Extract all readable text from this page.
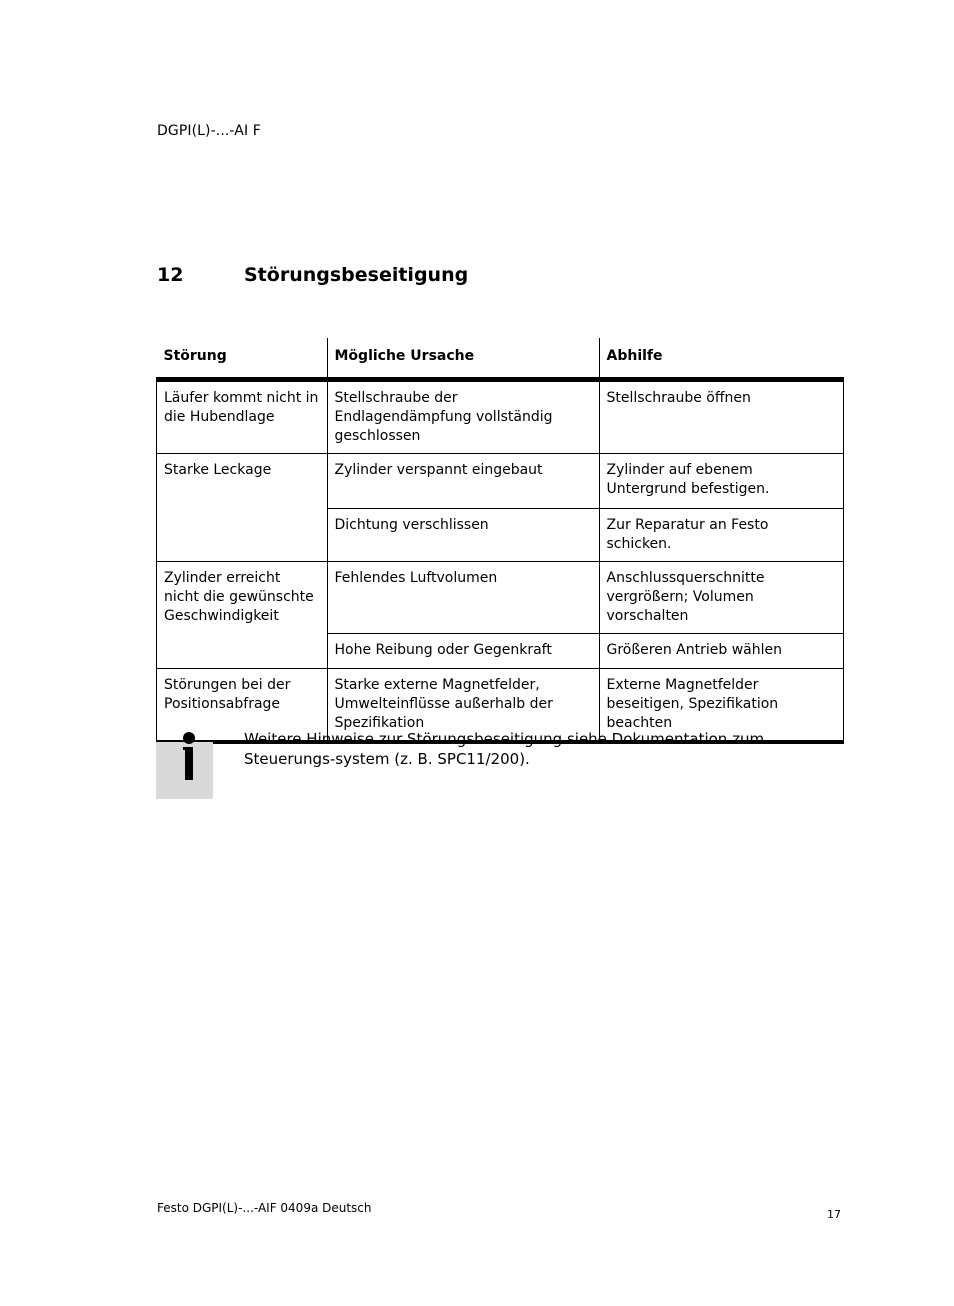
DGPI(L)-...-AI F
12	Störungsbeseitigung
Störung	Mögliche Ursache	Abhilfe
Läufer kommt nicht in die Hubendlage	Stellschraube der Endlagendämpfung vollständig geschlossen	Stellschraube öffnen
Starke Leckage	Zylinder verspannt eingebaut	Zylinder auf ebenem Untergrund befestigen.
	Dichtung verschlissen	Zur Reparatur an Festo schicken.
Zylinder erreicht nicht die gewünschte Geschwindigkeit	Fehlendes Luftvolumen	Anschlussquerschnitte vergrößern; Volumen vorschalten
	Hohe Reibung oder Gegenkraft	Größeren Antrieb wählen
Störungen bei der Positionsabfrage	Starke externe Magnetfelder, Umwelteinflüsse außerhalb der Spezifikation	Externe Magnetfelder beseitigen, Spezifikation beachten
Weitere Hinweise zur Störungsbeseitigung siehe Dokumentation zum Steuerungs-system (z. B. SPC11/200).
Festo DGPI(L)-...-AIF 0409a Deutsch	17
